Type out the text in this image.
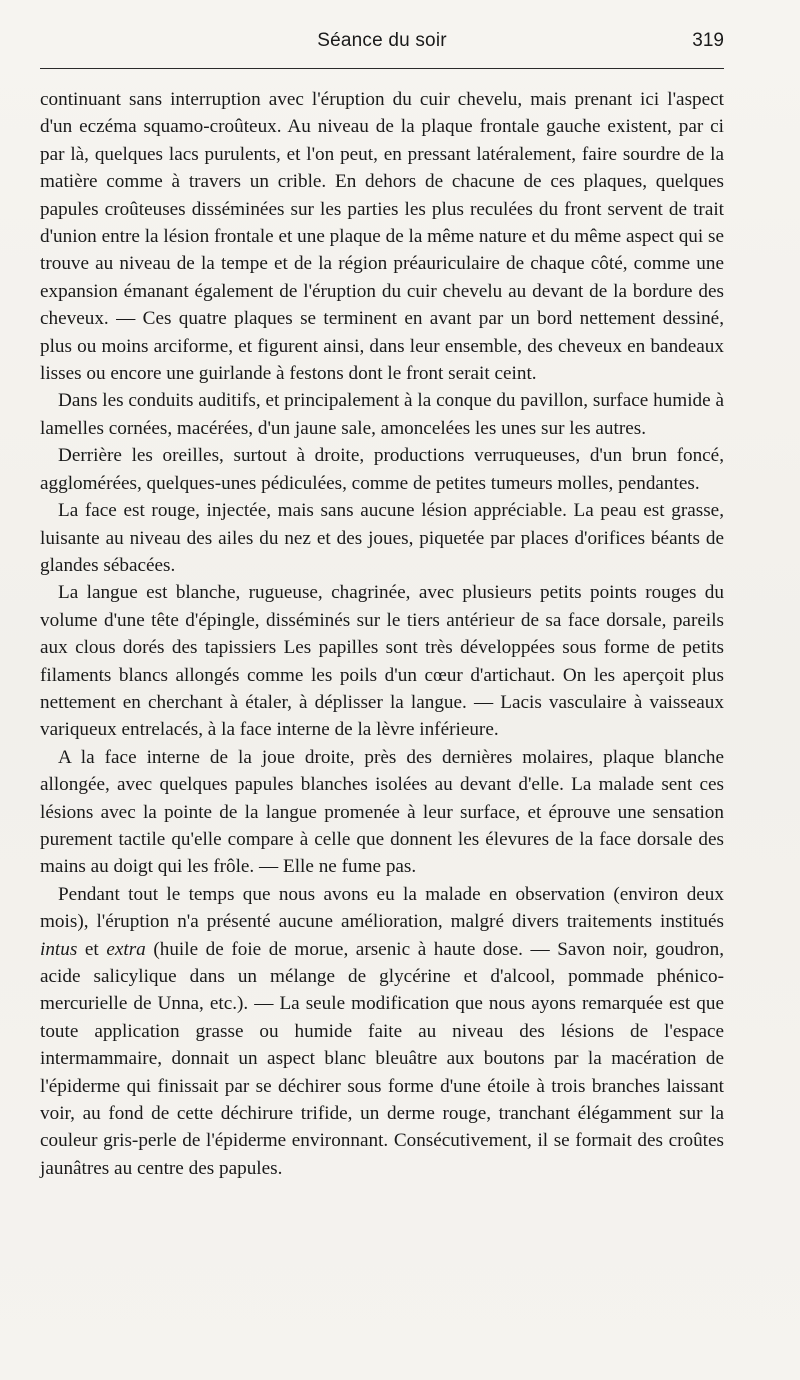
Séance du soir	319

continuant sans interruption avec l'éruption du cuir chevelu, mais prenant ici l'aspect d'un eczéma squamo-croûteux. Au niveau de la plaque frontale gauche existent, par ci par là, quelques lacs purulents, et l'on peut, en pressant latéralement, faire sourdre de la matière comme à travers un crible. En dehors de chacune de ces plaques, quelques papules croûteuses disséminées sur les parties les plus reculées du front servent de trait d'union entre la lésion frontale et une plaque de la même nature et du même aspect qui se trouve au niveau de la tempe et de la région préauriculaire de chaque côté, comme une expansion émanant également de l'éruption du cuir chevelu au devant de la bordure des cheveux. — Ces quatre plaques se terminent en avant par un bord nettement dessiné, plus ou moins arciforme, et figurent ainsi, dans leur ensemble, des cheveux en bandeaux lisses ou encore une guirlande à festons dont le front serait ceint.

Dans les conduits auditifs, et principalement à la conque du pavillon, surface humide à lamelles cornées, macérées, d'un jaune sale, amoncelées les unes sur les autres.

Derrière les oreilles, surtout à droite, productions verruqueuses, d'un brun foncé, agglomérées, quelques-unes pédiculées, comme de petites tumeurs molles, pendantes.

La face est rouge, injectée, mais sans aucune lésion appréciable. La peau est grasse, luisante au niveau des ailes du nez et des joues, piquetée par places d'orifices béants de glandes sébacées.

La langue est blanche, rugueuse, chagrinée, avec plusieurs petits points rouges du volume d'une tête d'épingle, disséminés sur le tiers antérieur de sa face dorsale, pareils aux clous dorés des tapissiers Les papilles sont très développées sous forme de petits filaments blancs allongés comme les poils d'un cœur d'artichaut. On les aperçoit plus nettement en cherchant à étaler, à déplisser la langue. — Lacis vasculaire à vaisseaux variqueux entrelacés, à la face interne de la lèvre inférieure.

A la face interne de la joue droite, près des dernières molaires, plaque blanche allongée, avec quelques papules blanches isolées au devant d'elle. La malade sent ces lésions avec la pointe de la langue promenée à leur surface, et éprouve une sensation purement tactile qu'elle compare à celle que donnent les élevures de la face dorsale des mains au doigt qui les frôle. — Elle ne fume pas.

Pendant tout le temps que nous avons eu la malade en observation (environ deux mois), l'éruption n'a présenté aucune amélioration, malgré divers traitements institués intus et extra (huile de foie de morue, arsenic à haute dose. — Savon noir, goudron, acide salicylique dans un mélange de glycérine et d'alcool, pommade phénico-mercurielle de Unna, etc.). — La seule modification que nous ayons remarquée est que toute application grasse ou humide faite au niveau des lésions de l'espace intermammaire, donnait un aspect blanc bleuâtre aux boutons par la macération de l'épiderme qui finissait par se déchirer sous forme d'une étoile à trois branches laissant voir, au fond de cette déchirure trifide, un derme rouge, tranchant élégamment sur la couleur gris-perle de l'épiderme environnant. Consécutivement, il se formait des croûtes jaunâtres au centre des papules.
